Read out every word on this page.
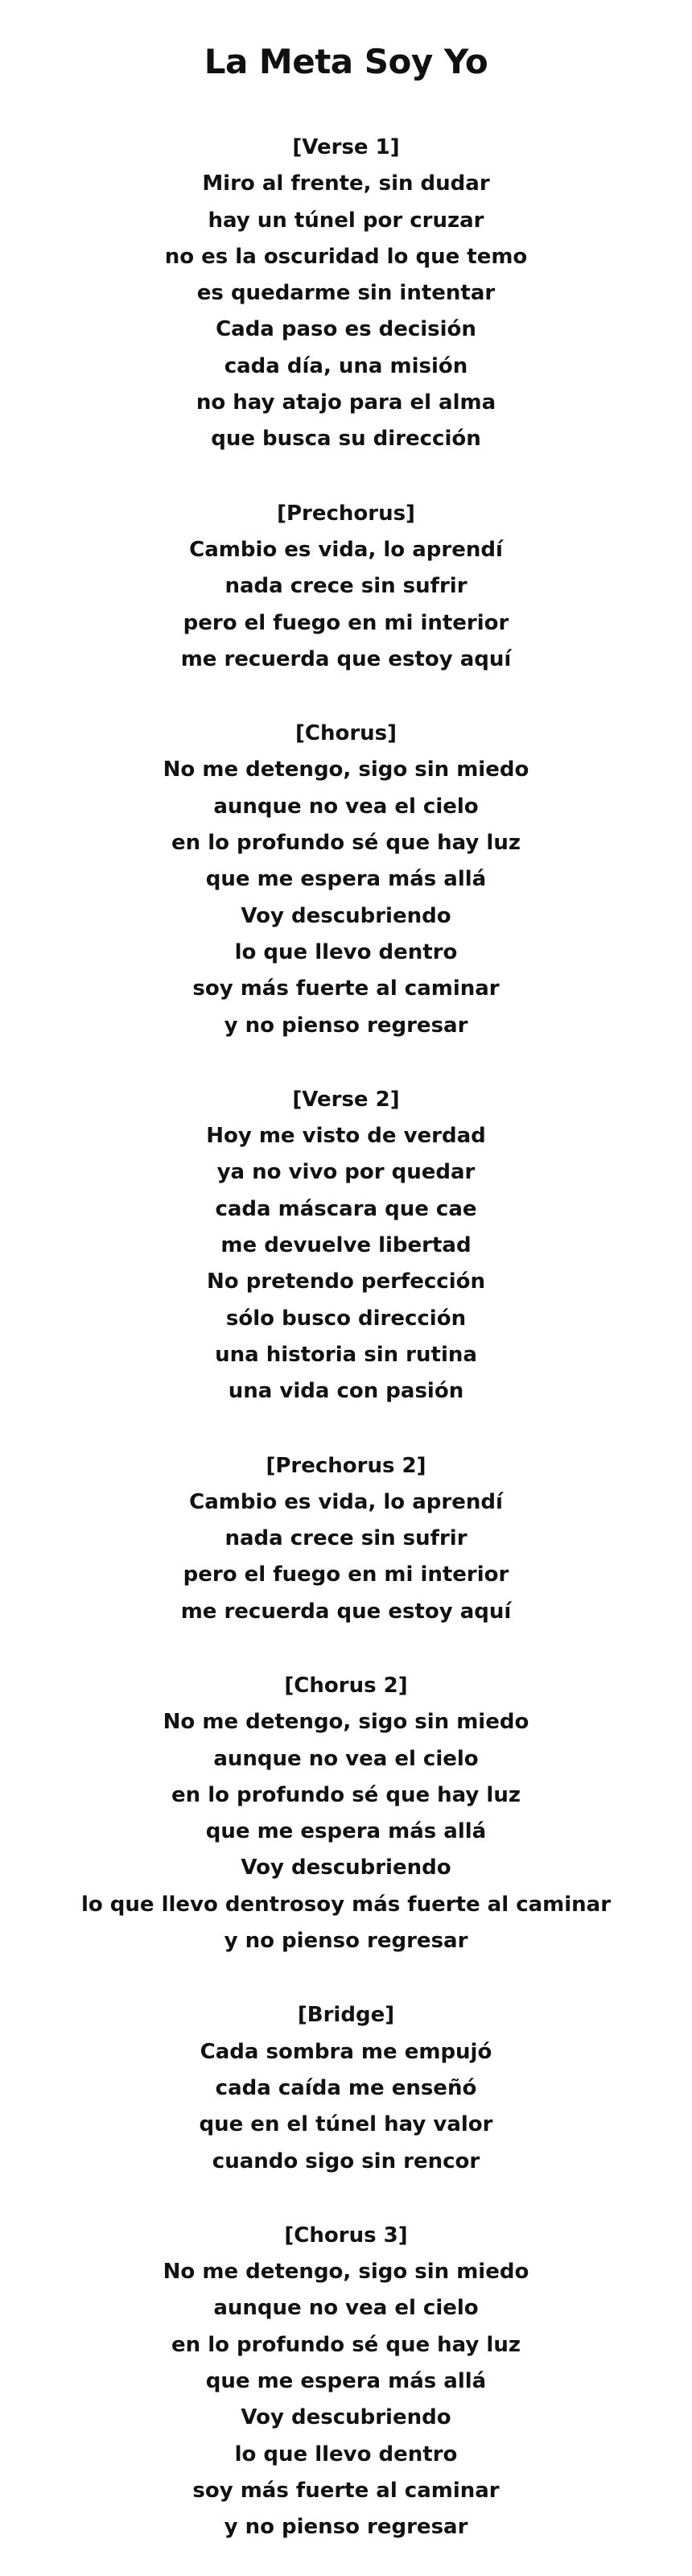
La Meta Soy Yo
[Verse 1]
Miro al frente, sin dudar
hay un túnel por cruzar
no es la oscuridad lo que temo
es quedarme sin intentar
Cada paso es decisión
cada día, una misión
no hay atajo para el alma
que busca su dirección
[Prechorus]
Cambio es vida, lo aprendí
nada crece sin sufrir
pero el fuego en mi interior
me recuerda que estoy aquí
[Chorus]
No me detengo, sigo sin miedo
aunque no vea el cielo
en lo profundo sé que hay luz
que me espera más allá
Voy descubriendo
lo que llevo dentro
soy más fuerte al caminar
y no pienso regresar
[Verse 2]
Hoy me visto de verdad
ya no vivo por quedar
cada máscara que cae
me devuelve libertad
No pretendo perfección
sólo busco dirección
una historia sin rutina
una vida con pasión
[Prechorus 2]
Cambio es vida, lo aprendí
nada crece sin sufrir
pero el fuego en mi interior
me recuerda que estoy aquí
[Chorus 2]
No me detengo, sigo sin miedo
aunque no vea el cielo
en lo profundo sé que hay luz
que me espera más allá
Voy descubriendo
lo que llevo dentrosoy más fuerte al caminar
y no pienso regresar
[Bridge]
Cada sombra me empujó
cada caída me enseñó
que en el túnel hay valor
cuando sigo sin rencor
[Chorus 3]
No me detengo, sigo sin miedo
aunque no vea el cielo
en lo profundo sé que hay luz
que me espera más allá
Voy descubriendo
lo que llevo dentro
soy más fuerte al caminar
y no pienso regresar
